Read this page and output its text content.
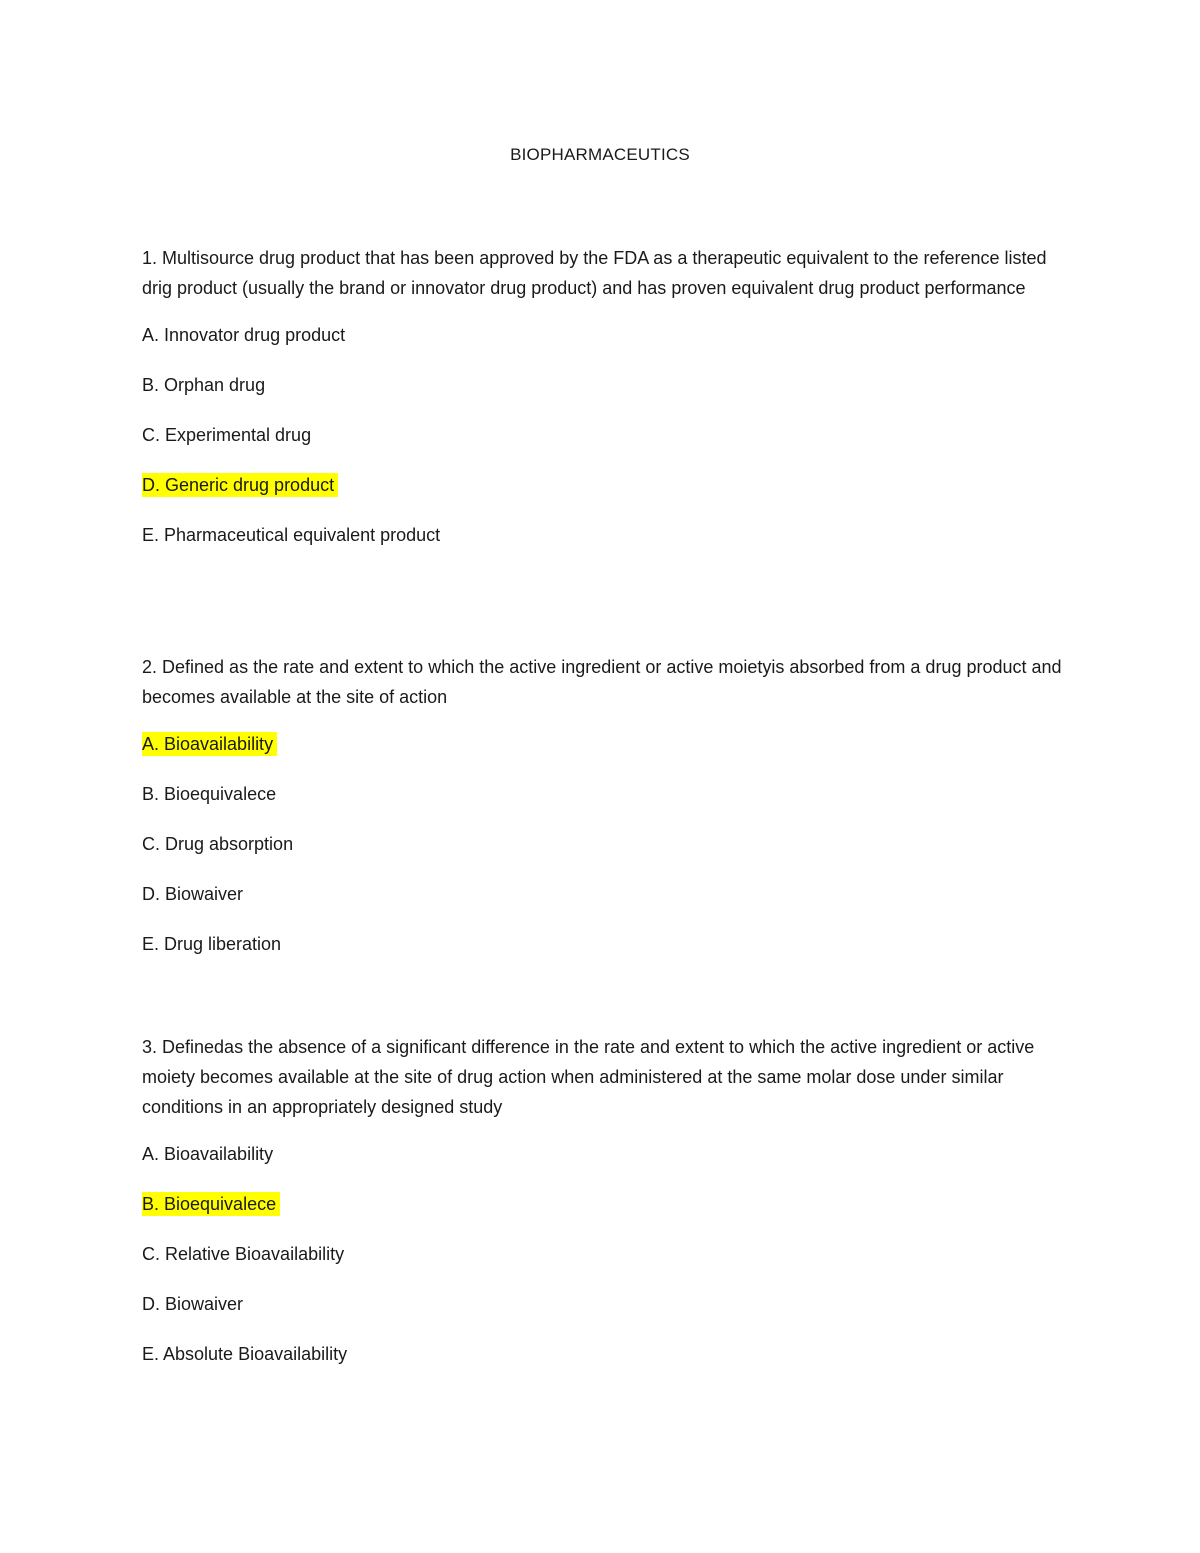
BIOPHARMACEUTICS

1. Multisource drug product that has been approved by the FDA as a therapeutic equivalent to the reference listed drig product (usually the brand or innovator drug product) and has proven equivalent drug product performance

A. Innovator drug product
B. Orphan drug
C. Experimental drug
D. Generic drug product
E. Pharmaceutical equivalent product

2. Defined as the rate and extent to which the active ingredient or active moietyis absorbed from a drug product and becomes available at the site of action

A. Bioavailability
B. Bioequivalece
C. Drug absorption
D. Biowaiver
E. Drug liberation

3. Definedas the absence of a significant difference in the rate and extent to which the active ingredient or active moiety becomes available at the site of drug action when administered at the same molar dose under similar conditions in an appropriately designed study

A. Bioavailability
B. Bioequivalece
C. Relative Bioavailability
D. Biowaiver
E. Absolute Bioavailability
